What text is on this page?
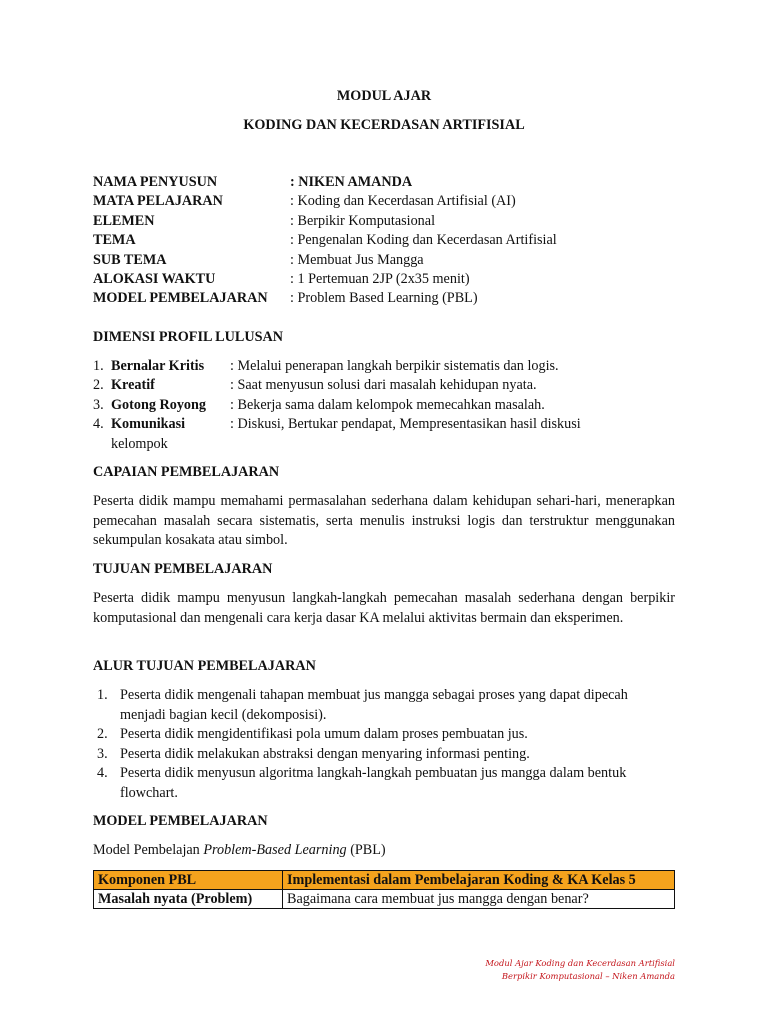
MODUL AJAR
KODING DAN KECERDASAN ARTIFISIAL
NAMA PENYUSUN	: NIKEN AMANDA
MATA PELAJARAN	: Koding dan Kecerdasan Artifisial (AI)
ELEMEN	: Berpikir Komputasional
TEMA	: Pengenalan Koding dan Kecerdasan Artifisial
SUB TEMA	: Membuat Jus Mangga
ALOKASI WAKTU	: 1 Pertemuan 2JP (2x35 menit)
MODEL PEMBELAJARAN	: Problem Based Learning (PBL)
DIMENSI PROFIL LULUSAN
1. Bernalar Kritis : Melalui penerapan langkah berpikir sistematis dan logis.
2. Kreatif	: Saat menyusun solusi dari masalah kehidupan nyata.
3. Gotong Royong : Bekerja sama dalam kelompok memecahkan masalah.
4. Komunikasi	: Diskusi, Bertukar pendapat, Mempresentasikan hasil diskusi
kelompok
CAPAIAN PEMBELAJARAN
Peserta didik mampu memahami permasalahan sederhana dalam kehidupan sehari-hari, menerapkan pemecahan masalah secara sistematis, serta menulis instruksi logis dan terstruktur menggunakan sekumpulan kosakata atau simbol.
TUJUAN PEMBELAJARAN
Peserta didik mampu menyusun langkah-langkah pemecahan masalah sederhana dengan berpikir komputasional dan mengenali cara kerja dasar KA melalui aktivitas bermain dan eksperimen.
ALUR TUJUAN PEMBELAJARAN
1. Peserta didik mengenali tahapan membuat jus mangga sebagai proses yang dapat dipecah menjadi bagian kecil (dekomposisi).
2. Peserta didik mengidentifikasi pola umum dalam proses pembuatan jus.
3. Peserta didik melakukan abstraksi dengan menyaring informasi penting.
4. Peserta didik menyusun algoritma langkah-langkah pembuatan jus mangga dalam bentuk flowchart.
MODEL PEMBELAJARAN
Model Pembelajan Problem-Based Learning (PBL)
Komponen PBL	Implementasi dalam Pembelajaran Koding & KA Kelas 5
Masalah nyata (Problem)	Bagaimana cara membuat jus mangga dengan benar?
Modul Ajar Koding dan Kecerdasan Artifisial
Berpikir Komputasional – Niken Amanda
